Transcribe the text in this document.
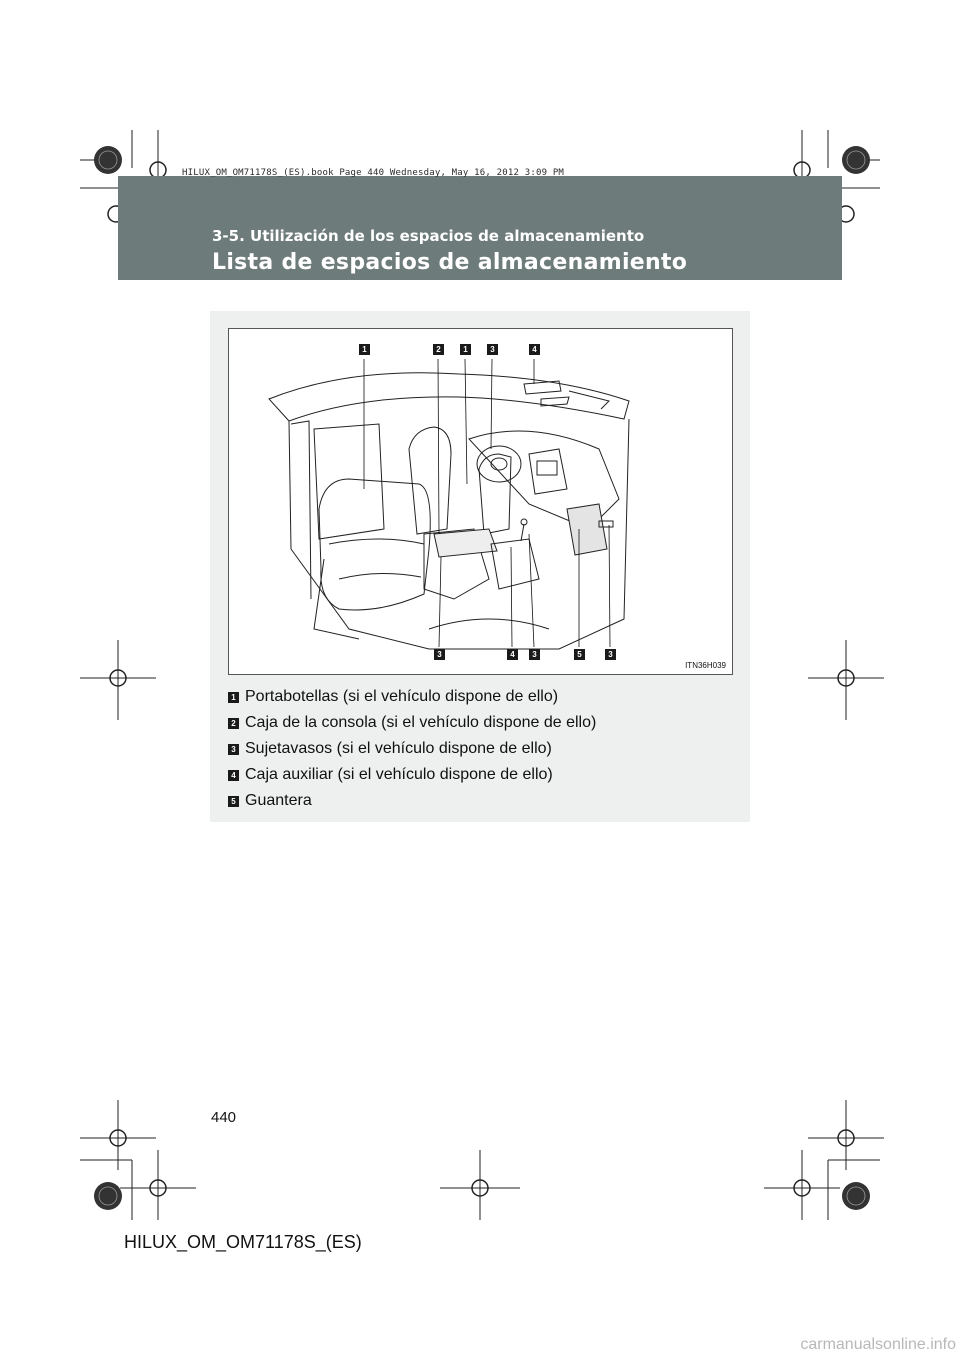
HILUX_OM_OM71178S_(ES).book Page 440 Wednesday, May 16, 2012 3:09 PM
3-5. Utilización de los espacios de almacenamiento
Lista de espacios de almacenamiento
1	2	1	3	4
3	4	3	5	3
ITN36H039
1 Portabotellas (si el vehículo dispone de ello)
2 Caja de la consola (si el vehículo dispone de ello)
3 Sujetavasos (si el vehículo dispone de ello)
4 Caja auxiliar (si el vehículo dispone de ello)
5 Guantera
440
HILUX_OM_OM71178S_(ES)
carmanualsonline.info
